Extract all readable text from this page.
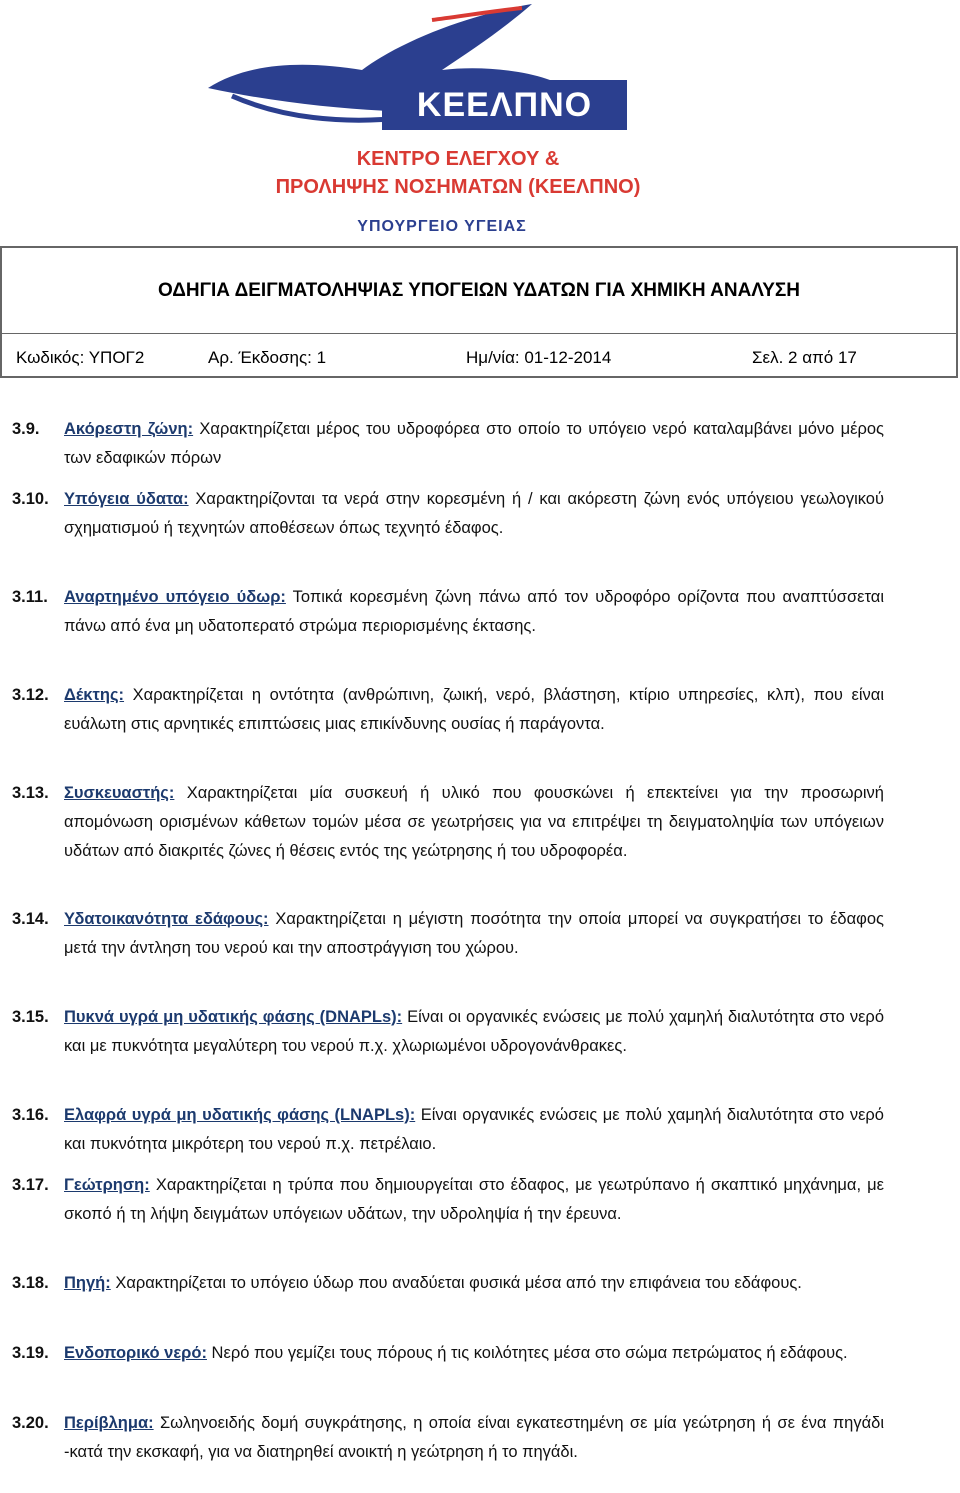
ΚΕΕΛΠΝΟ
ΚΕΝΤΡΟ ΕΛΕΓΧΟΥ &
ΠΡΟΛΗΨΗΣ ΝΟΣΗΜΑΤΩΝ (ΚΕΕΛΠΝΟ)
ΥΠΟΥΡΓΕΙΟ ΥΓΕΙΑΣ
ΟΔΗΓΙΑ ΔΕΙΓΜΑΤΟΛΗΨΙΑΣ ΥΠΟΓΕΙΩΝ ΥΔΑΤΩΝ ΓΙΑ ΧΗΜΙΚΗ ΑΝΑΛΥΣΗ
Κωδικός: ΥΠΟΓ2	Αρ. Έκδοσης: 1	Ημ/νία: 01-12-2014	Σελ. 2 από 17
3.9. Ακόρεστη ζώνη: Χαρακτηρίζεται μέρος του υδροφόρεα στο οποίο το υπόγειο νερό καταλαμβάνει μόνο μέρος των εδαφικών πόρων
3.10. Υπόγεια ύδατα: Χαρακτηρίζονται τα νερά στην κορεσμένη ή / και ακόρεστη ζώνη ενός υπόγειου γεωλογικού σχηματισμού ή τεχνητών αποθέσεων όπως τεχνητό έδαφος.
3.11. Αναρτημένο υπόγειο ύδωρ: Τοπικά κορεσμένη ζώνη πάνω από τον υδροφόρο ορίζοντα που αναπτύσσεται πάνω από ένα μη υδατοπερατό στρώμα περιορισμένης έκτασης.
3.12. Δέκτης: Χαρακτηρίζεται η οντότητα (ανθρώπινη, ζωική, νερό, βλάστηση, κτίριο υπηρεσίες, κλπ), που είναι ευάλωτη στις αρνητικές επιπτώσεις μιας επικίνδυνης ουσίας ή παράγοντα.
3.13. Συσκευαστής: Χαρακτηρίζεται μία συσκευή ή υλικό που φουσκώνει ή επεκτείνει για την προσωρινή απομόνωση ορισμένων κάθετων τομών μέσα σε γεωτρήσεις για να επιτρέψει τη δειγματοληψία των υπόγειων υδάτων από διακριτές ζώνες ή θέσεις εντός της γεώτρησης ή του υδροφορέα.
3.14. Υδατοικανότητα εδάφους: Χαρακτηρίζεται η μέγιστη ποσότητα την οποία μπορεί να συγκρατήσει το έδαφος μετά την άντληση του νερού και την αποστράγγιση του χώρου.
3.15. Πυκνά υγρά μη υδατικής φάσης (DNAPLs): Είναι οι οργανικές ενώσεις με πολύ χαμηλή διαλυτότητα στο νερό και με πυκνότητα μεγαλύτερη του νερού π.χ. χλωριωμένοι υδρογονάνθρακες.
3.16. Ελαφρά υγρά μη υδατικής φάσης (LNAPLs): Είναι οργανικές ενώσεις με πολύ χαμηλή διαλυτότητα στο νερό και πυκνότητα μικρότερη του νερού π.χ. πετρέλαιο.
3.17. Γεώτρηση: Χαρακτηρίζεται η τρύπα που δημιουργείται στο έδαφος, με γεωτρύπανο ή σκαπτικό μηχάνημα, με σκοπό ή τη λήψη δειγμάτων υπόγειων υδάτων, την υδροληψία ή την έρευνα.
3.18. Πηγή: Χαρακτηρίζεται το υπόγειο ύδωρ που αναδύεται φυσικά μέσα από την επιφάνεια του εδάφους.
3.19. Ενδοπορικό νερό: Νερό που γεμίζει τους πόρους ή τις κοιλότητες μέσα στο σώμα πετρώματος ή εδάφους.
3.20. Περίβλημα: Σωληνοειδής δομή συγκράτησης, η οποία είναι εγκατεστημένη σε μία γεώτρηση ή σε ένα πηγάδι -κατά την εκσκαφή, για να διατηρηθεί ανοικτή η γεώτρηση ή το πηγάδι.
